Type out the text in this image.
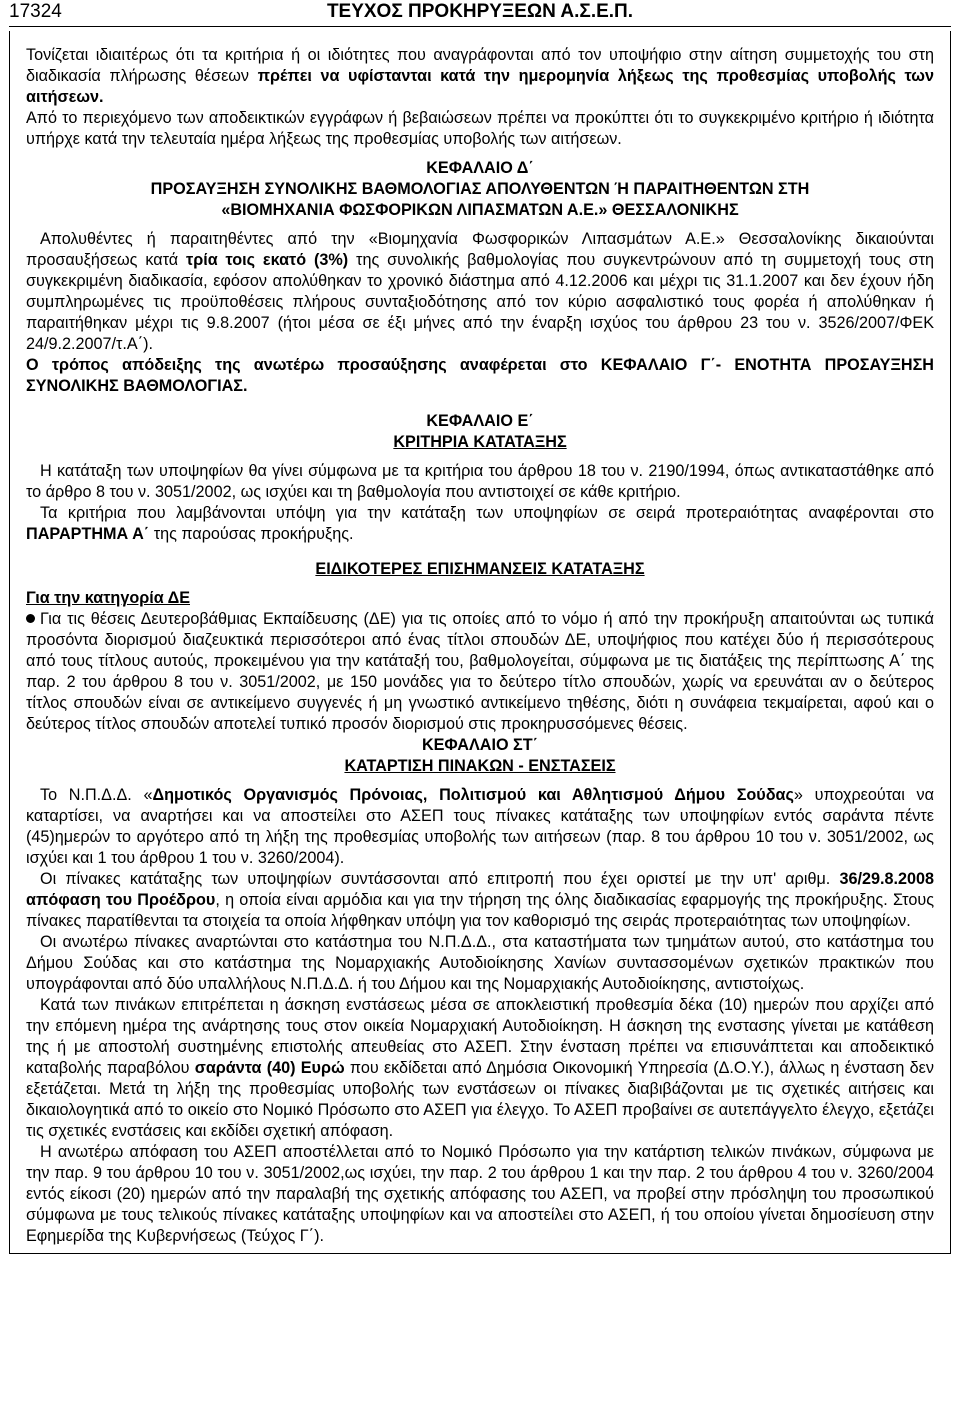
17324	ΤΕΥΧΟΣ ΠΡΟΚΗΡΥΞΕΩΝ Α.Σ.Ε.Π.

Τονίζεται ιδιαιτέρως ότι τα κριτήρια ή οι ιδιότητες που αναγράφονται από τον υποψήφιο στην αίτηση συμμετοχής του στη διαδικασία πλήρωσης θέσεων πρέπει να υφίστανται κατά την ημερομηνία λήξεως της προθεσμίας υποβολής των αιτήσεων.

Από το περιεχόμενο των αποδεικτικών εγγράφων ή βεβαιώσεων πρέπει να προκύπτει ότι το συγκεκριμένο κριτήριο ή ιδιότητα υπήρχε κατά την τελευταία ημέρα λήξεως της προθεσμίας υποβολής των αιτήσεων.

ΚΕΦΑΛΑΙΟ Δ΄
ΠΡΟΣΑΥΞΗΣΗ ΣΥΝΟΛΙΚΗΣ ΒΑΘΜΟΛΟΓΙΑΣ ΑΠΟΛΥΘΕΝΤΩΝ Ή ΠΑΡΑΙΤΗΘΕΝΤΩΝ ΣΤΗ
«ΒΙΟΜΗΧΑΝΙΑ ΦΩΣΦΟΡΙΚΩΝ ΛΙΠΑΣΜΑΤΩΝ Α.Ε.» ΘΕΣΣΑΛΟΝΙΚΗΣ

Απολυθέντες ή παραιτηθέντες από την «Βιομηχανία Φωσφορικών Λιπασμάτων Α.Ε.» Θεσσαλονίκης δικαιούνται προσαυξήσεως κατά τρία τοις εκατό (3%) της συνολικής βαθμολογίας που συγκεντρώνουν από τη συμμετοχή τους στη συγκεκριμένη διαδικασία, εφόσον απολύθηκαν το χρονικό διάστημα από 4.12.2006 και μέχρι τις 31.1.2007 και δεν έχουν ήδη συμπληρωμένες τις προϋποθέσεις πλήρους συνταξιοδότησης από τον κύριο ασφαλιστικό τους φορέα ή απολύθηκαν ή παραιτήθηκαν μέχρι τις 9.8.2007 (ήτοι μέσα σε έξι μήνες από την έναρξη ισχύος του άρθρου 23 του ν. 3526/2007/ΦΕΚ 24/9.2.2007/τ.Α΄).

Ο τρόπος απόδειξης της ανωτέρω προσαύξησης αναφέρεται στο ΚΕΦΑΛΑΙΟ Γ΄- ΕΝΟΤΗΤΑ ΠΡΟΣΑΥΞΗΣΗ ΣΥΝΟΛΙΚΗΣ ΒΑΘΜΟΛΟΓΙΑΣ.

ΚΕΦΑΛΑΙΟ Ε΄
ΚΡΙΤΗΡΙΑ ΚΑΤΑΤΑΞΗΣ

Η κατάταξη των υποψηφίων θα γίνει σύμφωνα με τα κριτήρια του άρθρου 18 του ν. 2190/1994, όπως αντικαταστάθηκε από το άρθρο 8 του ν. 3051/2002, ως ισχύει και τη βαθμολογία που αντιστοιχεί σε κάθε κριτήριο.

Τα κριτήρια που λαμβάνονται υπόψη για την κατάταξη των υποψηφίων σε σειρά προτεραιότητας αναφέρονται στο ΠΑΡΑΡΤΗΜΑ Α΄ της παρούσας προκήρυξης.

ΕΙΔΙΚΟΤΕΡΕΣ ΕΠΙΣΗΜΑΝΣΕΙΣ ΚΑΤΑΤΑΞΗΣ

Για την κατηγορία ΔΕ

Για τις θέσεις Δευτεροβάθμιας Εκπαίδευσης (ΔΕ) για τις οποίες από το νόμο ή από την προκήρυξη απαιτούνται ως τυπικά προσόντα διορισμού διαζευκτικά περισσότεροι από ένας τίτλοι σπουδών ΔΕ, υποψήφιος που κατέχει δύο ή περισσότερους από τους τίτλους αυτούς, προκειμένου για την κατάταξή του, βαθμολογείται, σύμφωνα με τις διατάξεις της περίπτωσης Α΄ της παρ. 2 του άρθρου 8 του ν. 3051/2002, με 150 μονάδες για το δεύτερο τίτλο σπουδών, χωρίς να ερευνάται αν ο δεύτερος τίτλος σπουδών είναι σε αντικείμενο συγγενές ή μη γνωστικό αντικείμενο τηθέσης, διότι η συνάφεια τεκμαίρεται, αφού και ο δεύτερος τίτλος σπουδών αποτελεί τυπικό προσόν διορισμού στις προκηρυσσόμενες θέσεις.

ΚΕΦΑΛΑΙΟ ΣΤ΄
ΚΑΤΑΡΤΙΣΗ ΠΙΝΑΚΩΝ - ΕΝΣΤΑΣΕΙΣ

Το Ν.Π.Δ.Δ. «Δημοτικός Οργανισμός Πρόνοιας, Πολιτισμού και Αθλητισμού Δήμου Σούδας» υποχρεούται να καταρτίσει, να αναρτήσει και να αποστείλει στο ΑΣΕΠ τους πίνακες κατάταξης των υποψηφίων εντός σαράντα πέντε (45)ημερών το αργότερο από τη λήξη της προθεσμίας υποβολής των αιτήσεων (παρ. 8 του άρθρου 10 του ν. 3051/2002, ως ισχύει και 1 του άρθρου 1 του ν. 3260/2004).

Οι πίνακες κατάταξης των υποψηφίων συντάσσονται από επιτροπή που έχει οριστεί με την υπ' αριθμ. 36/29.8.2008 απόφαση του Προέδρου, η οποία είναι αρμόδια και για την τήρηση της όλης διαδικασίας εφαρμογής της προκήρυξης. Στους πίνακες παρατίθενται τα στοιχεία τα οποία λήφθηκαν υπόψη για τον καθορισμό της σειράς προτεραιότητας των υποψηφίων.

Οι ανωτέρω πίνακες αναρτώνται στο κατάστημα του Ν.Π.Δ.Δ., στα καταστήματα των τμημάτων αυτού, στο κατάστημα του Δήμου Σούδας και στο κατάστημα της Νομαρχιακής Αυτοδιοίκησης Χανίων συντασσομένων σχετικών πρακτικών που υπογράφονται από δύο υπαλλήλους Ν.Π.Δ.Δ. ή του Δήμου και της Νομαρχιακής Αυτοδιοίκησης, αντιστοίχως.

Κατά των πινάκων επιτρέπεται η άσκηση ενστάσεως μέσα σε αποκλειστική προθεσμία δέκα (10) ημερών που αρχίζει από την επόμενη ημέρα της ανάρτησης τους στον οικεία Νομαρχιακή Αυτοδιοίκηση. Η άσκηση της ενστασης γίνεται με κατάθεση της ή με αποστολή συστημένης επιστολής απευθείας στο ΑΣΕΠ. Στην ένσταση πρέπει να επισυνάπτεται και αποδεικτικό καταβολής παραβόλου σαράντα (40) Ευρώ που εκδίδεται από Δημόσια Οικονομική Υπηρεσία (Δ.Ο.Υ.), άλλως η ένσταση δεν εξετάζεται. Μετά τη λήξη της προθεσμίας υποβολής των ενστάσεων οι πίνακες διαβιβάζονται με τις σχετικές αιτήσεις και δικαιολογητικά από το οικείο στο Νομικό Πρόσωπο στο ΑΣΕΠ για έλεγχο. Το ΑΣΕΠ προβαίνει σε αυτεπάγγελτο έλεγχο, εξετάζει τις σχετικές ενστάσεις και εκδίδει σχετική απόφαση.

Η ανωτέρω απόφαση του ΑΣΕΠ αποστέλλεται από το Νομικό Πρόσωπο για την κατάρτιση τελικών πινάκων, σύμφωνα με την παρ. 9 του άρθρου 10 του ν. 3051/2002,ως ισχύει, την παρ. 2 του άρθρου 1 και την παρ. 2 του άρθρου 4 του ν. 3260/2004 εντός είκοσι (20) ημερών από την παραλαβή της σχετικής απόφασης του ΑΣΕΠ, να προβεί στην πρόσληψη του προσωπικού σύμφωνα με τους τελικούς πίνακες κατάταξης υποψηφίων και να αποστείλει στο ΑΣΕΠ, ή του οποίου γίνεται δημοσίευση στην Εφημερίδα της Κυβερνήσεως (Τεύχος Γ΄).
